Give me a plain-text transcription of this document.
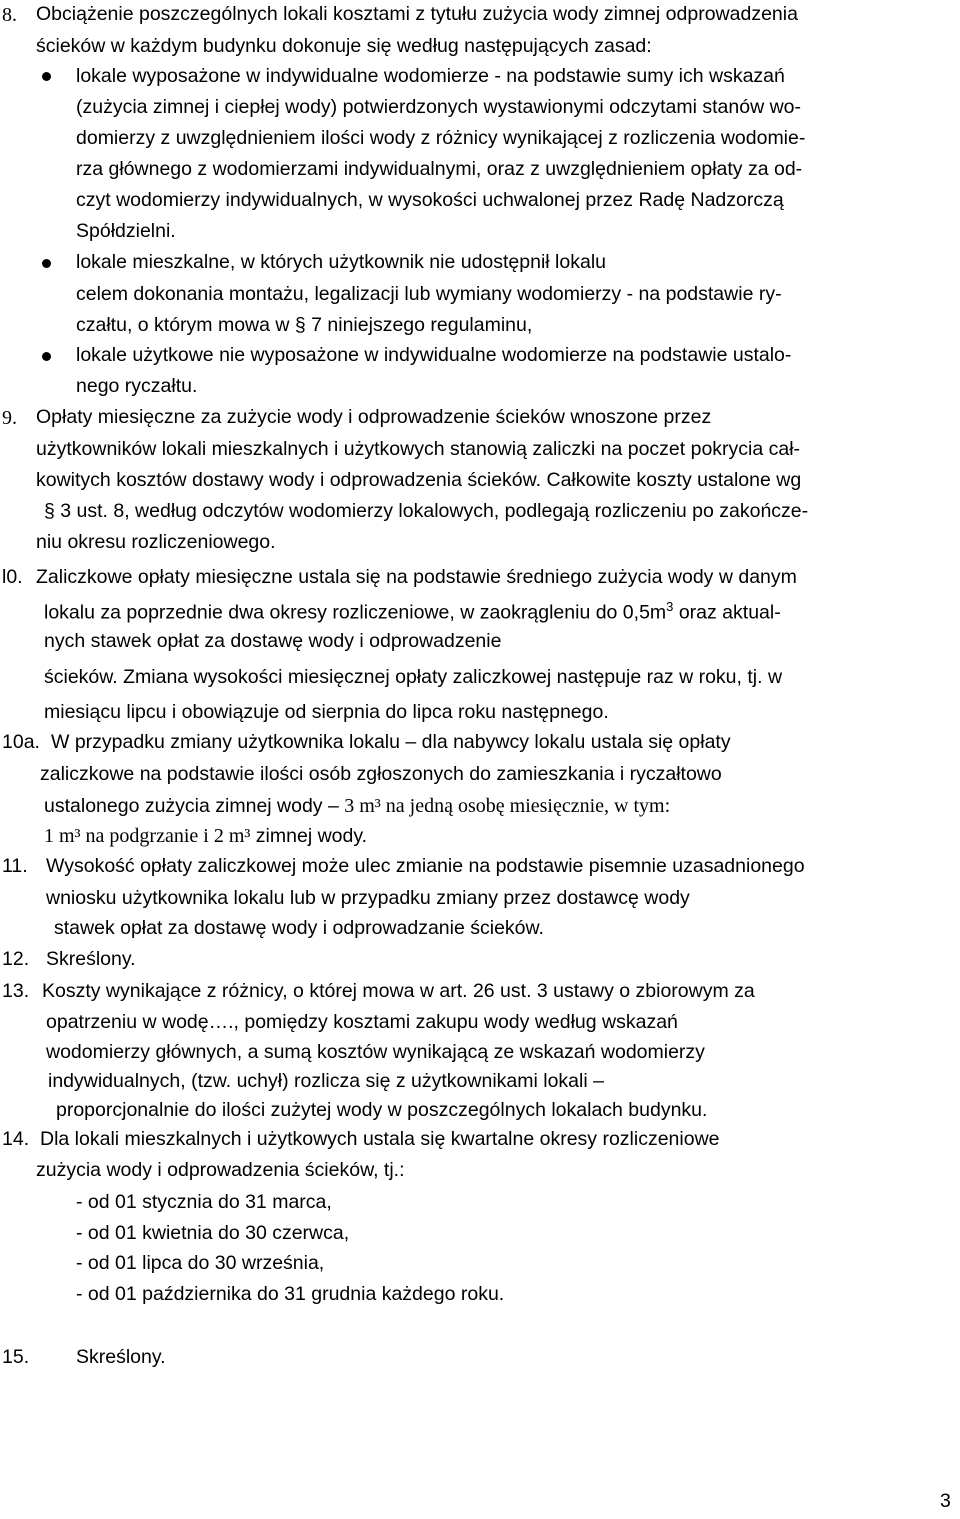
8. Obciążenie poszczególnych lokali kosztami z tytułu zużycia wody zimnej odprowadzenia
ścieków w każdym budynku dokonuje się według następujących zasad:
lokale wyposażone w indywidualne wodomierze - na podstawie sumy ich wskazań
(zużycia zimnej i ciepłej wody) potwierdzonych wystawionymi odczytami stanów wo-
domierzy z uwzględnieniem ilości wody z różnicy wynikającej z rozliczenia wodomie-
rza głównego z wodomierzami indywidualnymi, oraz z uwzględnieniem opłaty za od-
czyt wodomierzy indywidualnych, w wysokości uchwalonej przez Radę Nadzorczą
Spółdzielni.
lokale mieszkalne, w których użytkownik nie udostępnił lokalu
celem dokonania montażu, legalizacji lub wymiany wodomierzy - na podstawie ry-
czałtu, o którym mowa w § 7 niniejszego regulaminu,
lokale użytkowe nie wyposażone w indywidualne wodomierze na podstawie ustalo-
nego ryczałtu.
9. Opłaty miesięczne za zużycie wody i odprowadzenie ścieków wnoszone przez
użytkowników lokali mieszkalnych i użytkowych stanowią zaliczki na poczet pokrycia cał-
kowitych kosztów dostawy wody i odprowadzenia ścieków. Całkowite koszty ustalone wg
§ 3 ust. 8, według odczytów wodomierzy lokalowych, podlegają rozliczeniu po zakończe-
niu okresu rozliczeniowego.
l0. Zaliczkowe opłaty miesięczne ustala się na podstawie średniego zużycia wody w danym
lokalu za poprzednie dwa okresy rozliczeniowe, w zaokrągleniu do $0,5m^3$ oraz aktual-
nych stawek opłat za dostawę wody i odprowadzenie
ścieków. Zmiana wysokości miesięcznej opłaty zaliczkowej następuje raz w roku, tj. w
miesiącu lipcu i obowiązuje od sierpnia do lipca roku następnego.
10a. W przypadku zmiany użytkownika lokalu – dla nabywcy lokalu ustala się opłaty
zaliczkowe na podstawie ilości osób zgłoszonych do zamieszkania i ryczałtowo
ustalonego zużycia zimnej wody – 3 m³ na jedną osobę miesięcznie, w tym:
1 m³ na podgrzanie i 2 m³ zimnej wody.
11. Wysokość opłaty zaliczkowej może ulec zmianie na podstawie pisemnie uzasadnionego
wniosku użytkownika lokalu lub w przypadku zmiany przez dostawcę wody
stawek opłat za dostawę wody i odprowadzanie ścieków.
12. Skreślony.
13. Koszty wynikające z różnicy, o której mowa w art. 26 ust. 3 ustawy o zbiorowym za
opatrzeniu w wodę…., pomiędzy kosztami zakupu wody według wskazań
wodomierzy głównych, a sumą kosztów wynikającą ze wskazań wodomierzy
indywidualnych, (tzw. uchył) rozlicza się z użytkownikami lokali –
proporcjonalnie do ilości zużytej wody w poszczególnych lokalach budynku.
14. Dla lokali mieszkalnych i użytkowych ustala się kwartalne okresy rozliczeniowe
zużycia wody i odprowadzenia ścieków, tj.:
- od 01 stycznia do 31 marca,
- od 01 kwietnia do 30 czerwca,
- od 01 lipca do 30 września,
- od 01 października do 31 grudnia każdego roku.
15. Skreślony.
3
